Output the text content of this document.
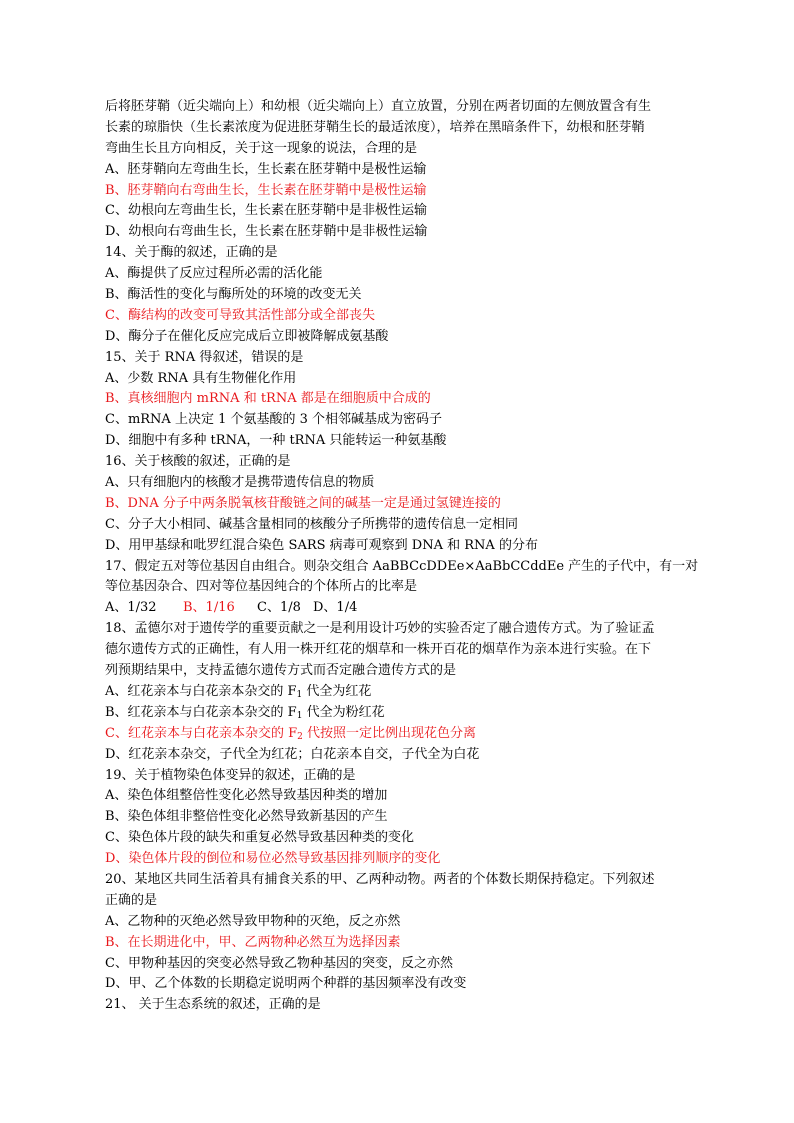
后将胚芽鞘（近尖端向上）和幼根（近尖端向上）直立放置，分别在两者切面的左侧放置含有生
长素的琼脂快（生长素浓度为促进胚芽鞘生长的最适浓度），培养在黑暗条件下，幼根和胚芽鞘
弯曲生长且方向相反，关于这一现象的说法，合理的是
A、胚芽鞘向左弯曲生长，生长素在胚芽鞘中是极性运输
B、胚芽鞘向右弯曲生长，生长素在胚芽鞘中是极性运输
C、幼根向左弯曲生长，生长素在胚芽鞘中是非极性运输
D、幼根向右弯曲生长，生长素在胚芽鞘中是非极性运输
14、关于酶的叙述，正确的是
A、酶提供了反应过程所必需的活化能
B、酶活性的变化与酶所处的环境的改变无关
C、酶结构的改变可导致其活性部分或全部丧失
D、酶分子在催化反应完成后立即被降解成氨基酸
15、关于 RNA 得叙述，错误的是
A、少数 RNA 具有生物催化作用
B、真核细胞内 mRNA 和 tRNA 都是在细胞质中合成的
C、mRNA 上决定 1 个氨基酸的 3 个相邻碱基成为密码子
D、细胞中有多种 tRNA，一种 tRNA 只能转运一种氨基酸
16、关于核酸的叙述，正确的是
A、只有细胞内的核酸才是携带遗传信息的物质
B、DNA 分子中两条脱氧核苷酸链之间的碱基一定是通过氢键连接的
C、分子大小相同、碱基含量相同的核酸分子所携带的遗传信息一定相同
D、用甲基绿和吡罗红混合染色 SARS 病毒可观察到 DNA 和 RNA 的分布
17、假定五对等位基因自由组合。则杂交组合 AaBBCcDDEe×AaBbCCddEe 产生的子代中，有一对
等位基因杂合、四对等位基因纯合的个体所占的比率是
A、1/32 B、1/16 C、1/8 D、1/4
18、孟德尔对于遗传学的重要贡献之一是利用设计巧妙的实验否定了融合遗传方式。为了验证孟
德尔遗传方式的正确性，有人用一株开红花的烟草和一株开百花的烟草作为亲本进行实验。在下
列预期结果中，支持孟德尔遗传方式而否定融合遗传方式的是
A、红花亲本与白花亲本杂交的 $F_1$ 代全为红花
B、红花亲本与白花亲本杂交的 $F_1$ 代全为粉红花
C、红花亲本与白花亲本杂交的 $F_2$ 代按照一定比例出现花色分离
D、红花亲本杂交，子代全为红花；白花亲本自交，子代全为白花
19、关于植物染色体变异的叙述，正确的是
A、染色体组整倍性变化必然导致基因种类的增加
B、染色体组非整倍性变化必然导致新基因的产生
C、染色体片段的缺失和重复必然导致基因种类的变化
D、染色体片段的倒位和易位必然导致基因排列顺序的变化
20、某地区共同生活着具有捕食关系的甲、乙两种动物。两者的个体数长期保持稳定。下列叙述
正确的是
A、乙物种的灭绝必然导致甲物种的灭绝，反之亦然
B、在长期进化中，甲、乙两物种必然互为选择因素
C、甲物种基因的突变必然导致乙物种基因的突变，反之亦然
D、甲、乙个体数的长期稳定说明两个种群的基因频率没有改变
21、 关于生态系统的叙述，正确的是
